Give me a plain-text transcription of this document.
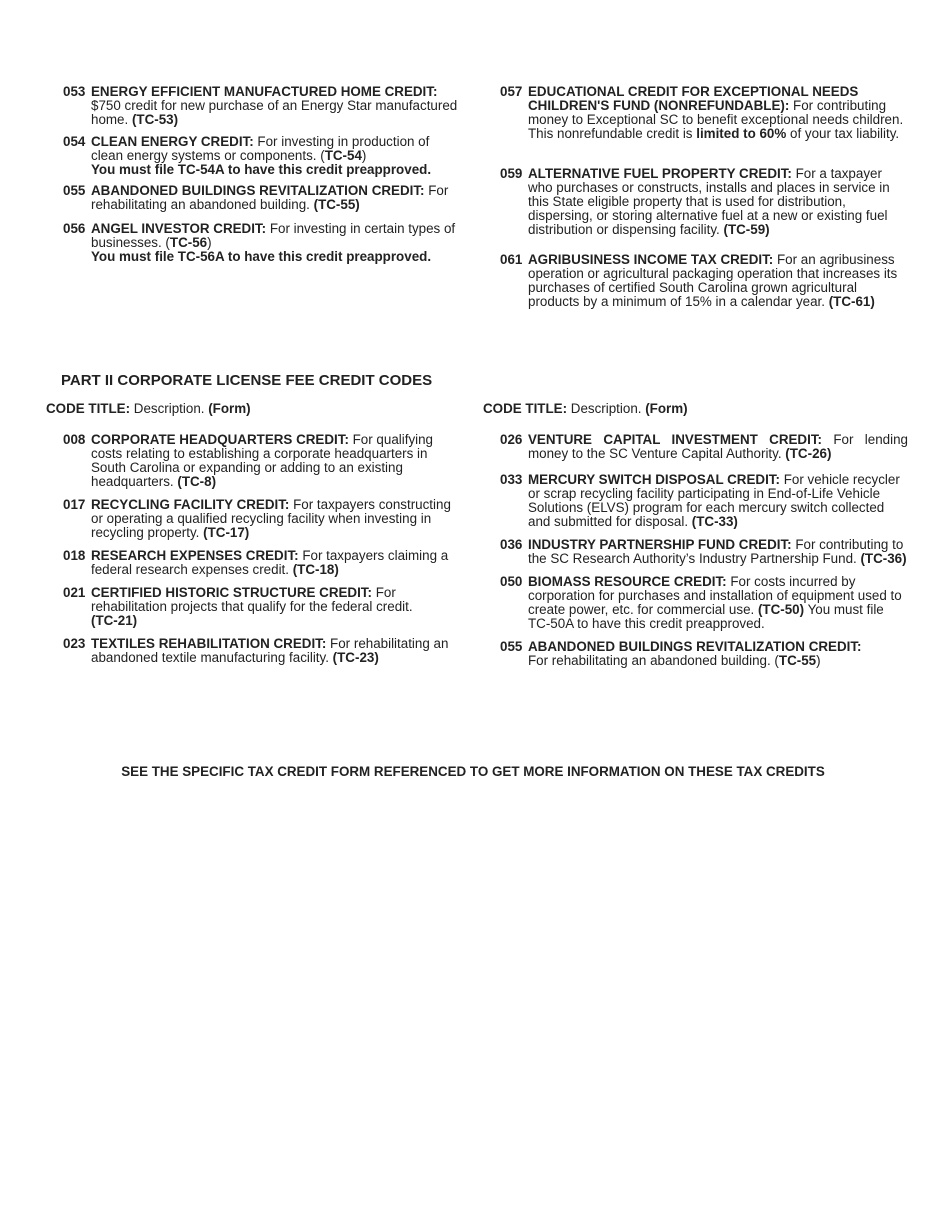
053 ENERGY EFFICIENT MANUFACTURED HOME CREDIT: $750 credit for new purchase of an Energy Star manufactured home. (TC-53)
054 CLEAN ENERGY CREDIT: For investing in production of clean energy systems or components. (TC-54)
You must file TC-54A to have this credit preapproved.
055 ABANDONED BUILDINGS REVITALIZATION CREDIT: For rehabilitating an abandoned building. (TC-55)
056 ANGEL INVESTOR CREDIT: For investing in certain types of businesses. (TC-56)
You must file TC-56A to have this credit preapproved.
057 EDUCATIONAL CREDIT FOR EXCEPTIONAL NEEDS CHILDREN'S FUND (NONREFUNDABLE): For contributing money to Exceptional SC to benefit exceptional needs children. This nonrefundable credit is limited to 60% of your tax liability.
059 ALTERNATIVE FUEL PROPERTY CREDIT: For a taxpayer who purchases or constructs, installs and places in service in this State eligible property that is used for distribution, dispersing, or storing alternative fuel at a new or existing fuel distribution or dispensing facility. (TC-59)
061 AGRIBUSINESS INCOME TAX CREDIT: For an agribusiness operation or agricultural packaging operation that increases its purchases of certified South Carolina grown agricultural products by a minimum of 15% in a calendar year. (TC-61)
PART II CORPORATE LICENSE FEE CREDIT CODES
CODE TITLE: Description. (Form)	CODE TITLE: Description. (Form)
008 CORPORATE HEADQUARTERS CREDIT: For qualifying costs relating to establishing a corporate headquarters in South Carolina or expanding or adding to an existing headquarters. (TC-8)
017 RECYCLING FACILITY CREDIT: For taxpayers constructing or operating a qualified recycling facility when investing in recycling property. (TC-17)
018 RESEARCH EXPENSES CREDIT: For taxpayers claiming a federal research expenses credit. (TC-18)
021 CERTIFIED HISTORIC STRUCTURE CREDIT: For rehabilitation projects that qualify for the federal credit.
(TC-21)
023 TEXTILES REHABILITATION CREDIT: For rehabilitating an abandoned textile manufacturing facility. (TC-23)
026 VENTURE CAPITAL INVESTMENT CREDIT: For lending money to the SC Venture Capital Authority. (TC-26)
033 MERCURY SWITCH DISPOSAL CREDIT: For vehicle recycler or scrap recycling facility participating in End-of-Life Vehicle Solutions (ELVS) program for each mercury switch collected and submitted for disposal. (TC-33)
036 INDUSTRY PARTNERSHIP FUND CREDIT: For contributing to the SC Research Authority’s Industry Partnership Fund. (TC-36)
050 BIOMASS RESOURCE CREDIT: For costs incurred by corporation for purchases and installation of equipment used to create power, etc. for commercial use. (TC-50) You must file TC-50A to have this credit preapproved.
055 ABANDONED BUILDINGS REVITALIZATION CREDIT:
For rehabilitating an abandoned building. (TC-55)
SEE THE SPECIFIC TAX CREDIT FORM REFERENCED TO GET MORE INFORMATION ON THESE TAX CREDITS
